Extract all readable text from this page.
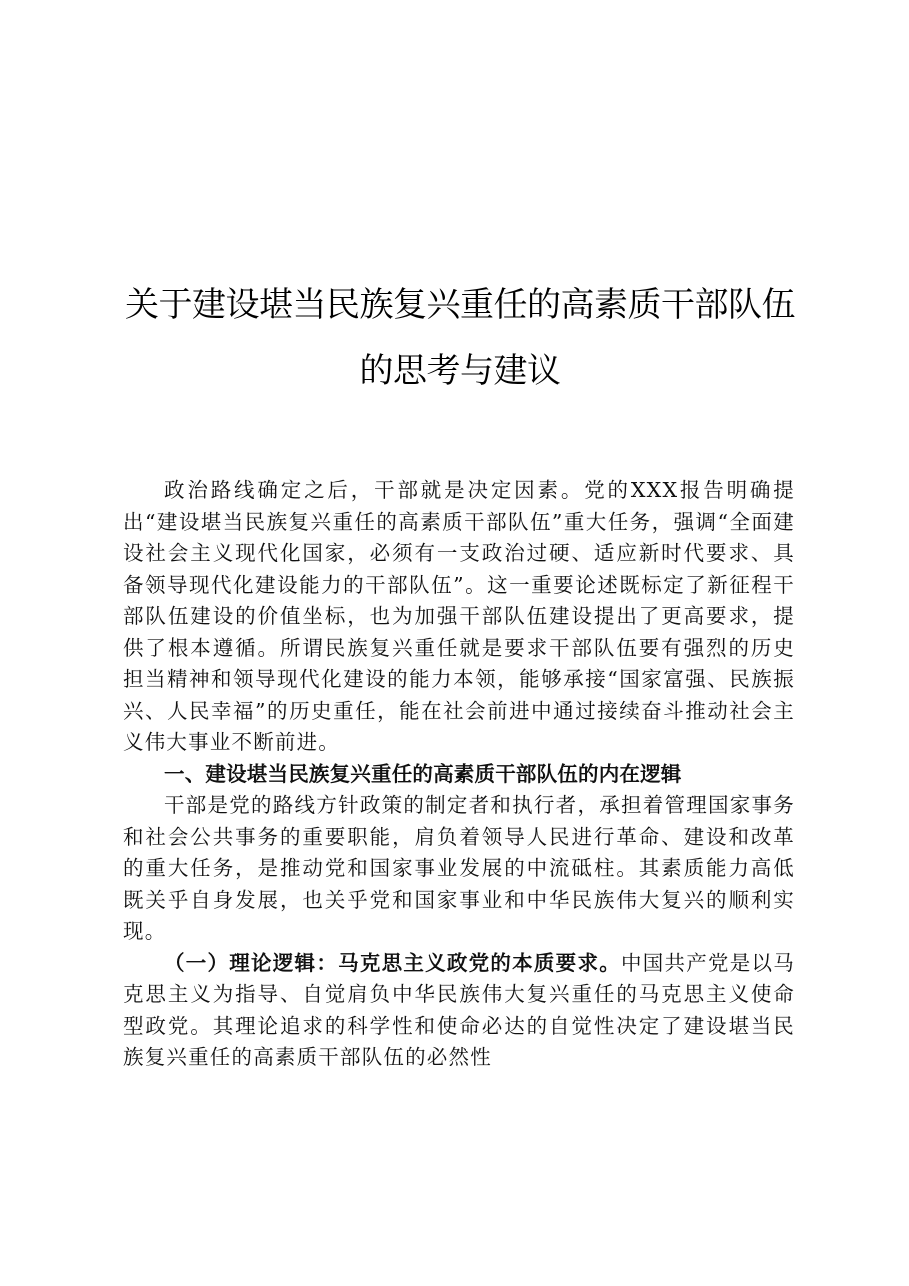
关于建设堪当民族复兴重任的高素质干部队伍
的思考与建议

政治路线确定之后，干部就是决定因素。党的XXX报告明确提出“建设堪当民族复兴重任的高素质干部队伍”重大任务，强调“全面建设社会主义现代化国家，必须有一支政治过硬、适应新时代要求、具备领导现代化建设能力的干部队伍”。这一重要论述既标定了新征程干部队伍建设的价值坐标，也为加强干部队伍建设提出了更高要求，提供了根本遵循。所谓民族复兴重任就是要求干部队伍要有强烈的历史担当精神和领导现代化建设的能力本领，能够承接“国家富强、民族振兴、人民幸福”的历史重任，能在社会前进中通过接续奋斗推动社会主义伟大事业不断前进。

一、建设堪当民族复兴重任的高素质干部队伍的内在逻辑

干部是党的路线方针政策的制定者和执行者，承担着管理国家事务和社会公共事务的重要职能，肩负着领导人民进行革命、建设和改革的重大任务，是推动党和国家事业发展的中流砥柱。其素质能力高低既关乎自身发展，也关乎党和国家事业和中华民族伟大复兴的顺利实现。

（一）理论逻辑：马克思主义政党的本质要求。中国共产党是以马克思主义为指导、自觉肩负中华民族伟大复兴重任的马克思主义使命型政党。其理论追求的科学性和使命必达的自觉性决定了建设堪当民族复兴重任的高素质干部队伍的必然性
